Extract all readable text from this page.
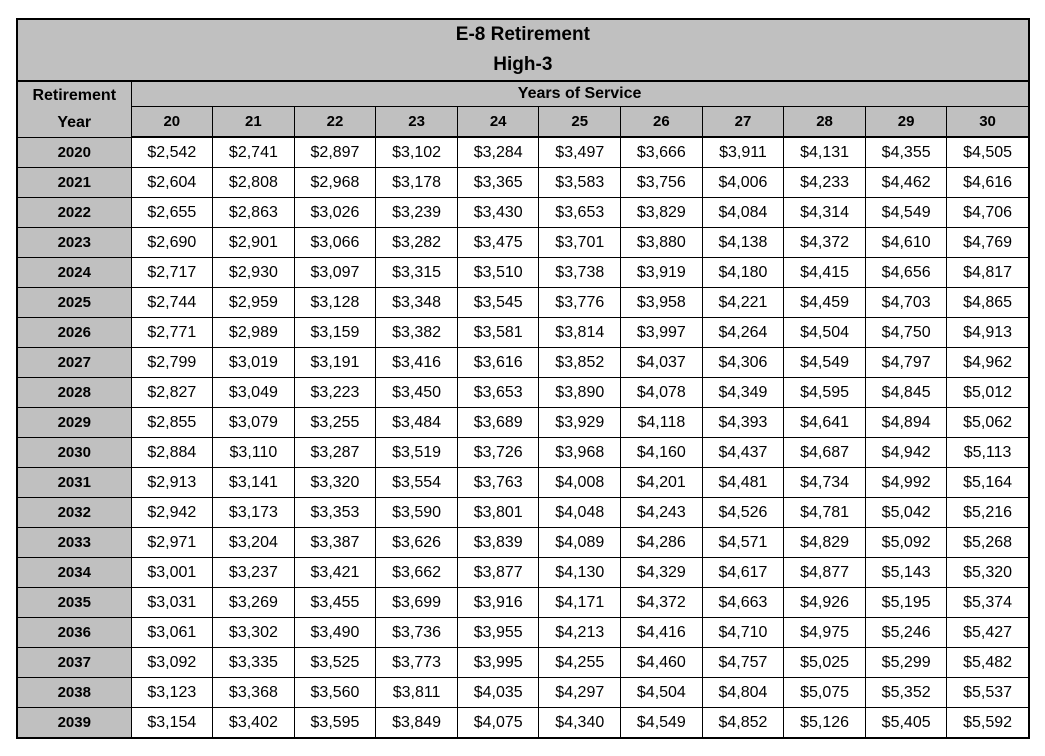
E-8 Retirement
High-3											

Retirement
Year	Years of Service										
	20	21	22	23	24	25	26	27	28	29	30
2020	$2,542	$2,741	$2,897	$3,102	$3,284	$3,497	$3,666	$3,911	$4,131	$4,355	$4,505
2021	$2,604	$2,808	$2,968	$3,178	$3,365	$3,583	$3,756	$4,006	$4,233	$4,462	$4,616
2022	$2,655	$2,863	$3,026	$3,239	$3,430	$3,653	$3,829	$4,084	$4,314	$4,549	$4,706
2023	$2,690	$2,901	$3,066	$3,282	$3,475	$3,701	$3,880	$4,138	$4,372	$4,610	$4,769
2024	$2,717	$2,930	$3,097	$3,315	$3,510	$3,738	$3,919	$4,180	$4,415	$4,656	$4,817
2025	$2,744	$2,959	$3,128	$3,348	$3,545	$3,776	$3,958	$4,221	$4,459	$4,703	$4,865
2026	$2,771	$2,989	$3,159	$3,382	$3,581	$3,814	$3,997	$4,264	$4,504	$4,750	$4,913
2027	$2,799	$3,019	$3,191	$3,416	$3,616	$3,852	$4,037	$4,306	$4,549	$4,797	$4,962
2028	$2,827	$3,049	$3,223	$3,450	$3,653	$3,890	$4,078	$4,349	$4,595	$4,845	$5,012
2029	$2,855	$3,079	$3,255	$3,484	$3,689	$3,929	$4,118	$4,393	$4,641	$4,894	$5,062
2030	$2,884	$3,110	$3,287	$3,519	$3,726	$3,968	$4,160	$4,437	$4,687	$4,942	$5,113
2031	$2,913	$3,141	$3,320	$3,554	$3,763	$4,008	$4,201	$4,481	$4,734	$4,992	$5,164
2032	$2,942	$3,173	$3,353	$3,590	$3,801	$4,048	$4,243	$4,526	$4,781	$5,042	$5,216
2033	$2,971	$3,204	$3,387	$3,626	$3,839	$4,089	$4,286	$4,571	$4,829	$5,092	$5,268
2034	$3,001	$3,237	$3,421	$3,662	$3,877	$4,130	$4,329	$4,617	$4,877	$5,143	$5,320
2035	$3,031	$3,269	$3,455	$3,699	$3,916	$4,171	$4,372	$4,663	$4,926	$5,195	$5,374
2036	$3,061	$3,302	$3,490	$3,736	$3,955	$4,213	$4,416	$4,710	$4,975	$5,246	$5,427
2037	$3,092	$3,335	$3,525	$3,773	$3,995	$4,255	$4,460	$4,757	$5,025	$5,299	$5,482
2038	$3,123	$3,368	$3,560	$3,811	$4,035	$4,297	$4,504	$4,804	$5,075	$5,352	$5,537
2039	$3,154	$3,402	$3,595	$3,849	$4,075	$4,340	$4,549	$4,852	$5,126	$5,405	$5,592
